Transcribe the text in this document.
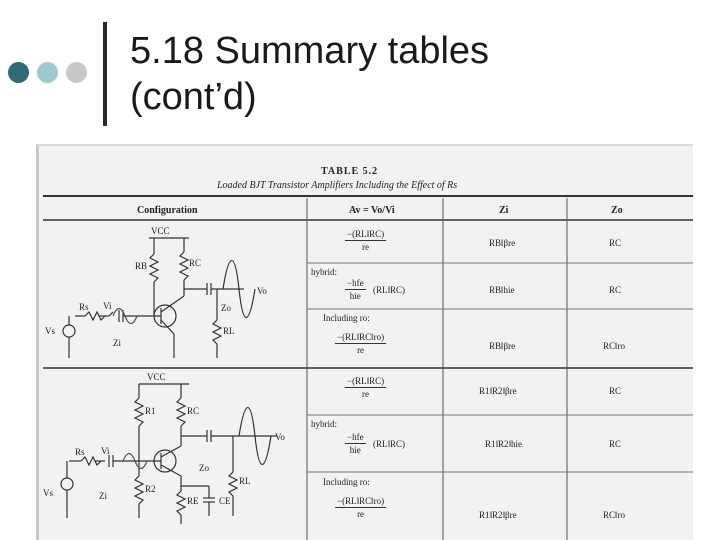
5.18 Summary tables
(cont’d)
TABLE 5.2
Loaded BJT Transistor Amplifiers Including the Effect of Rs
Configuration	Av = Vo/Vi	Zi	Zo
VCC
RB	RC
Rs Vi
RL
Vs
Zi
Zo
Vo
VCC
R1	RC
R2
RE CE
RL
Rs Vi
Vs	Zi
Zo
Vo
$\frac{-(RL‖RC)}{re}$	RB‖βre	RC
hybrid:
−hfe
hie
(RL‖RC)	RB‖hie	RC
Including ro:
$\frac{-(RL‖RC‖ro)}{re}$	RB‖βre	RC‖ro
$\frac{-(RL‖RC)}{re}$	R1‖R2‖βre	RC
hybrid:
−hfe
hie
(RL‖RC)	R1‖R2‖hie	RC
Including ro:
$\frac{-(RL‖RC‖ro)}{re}$	R1‖R2‖βre	RC‖ro
